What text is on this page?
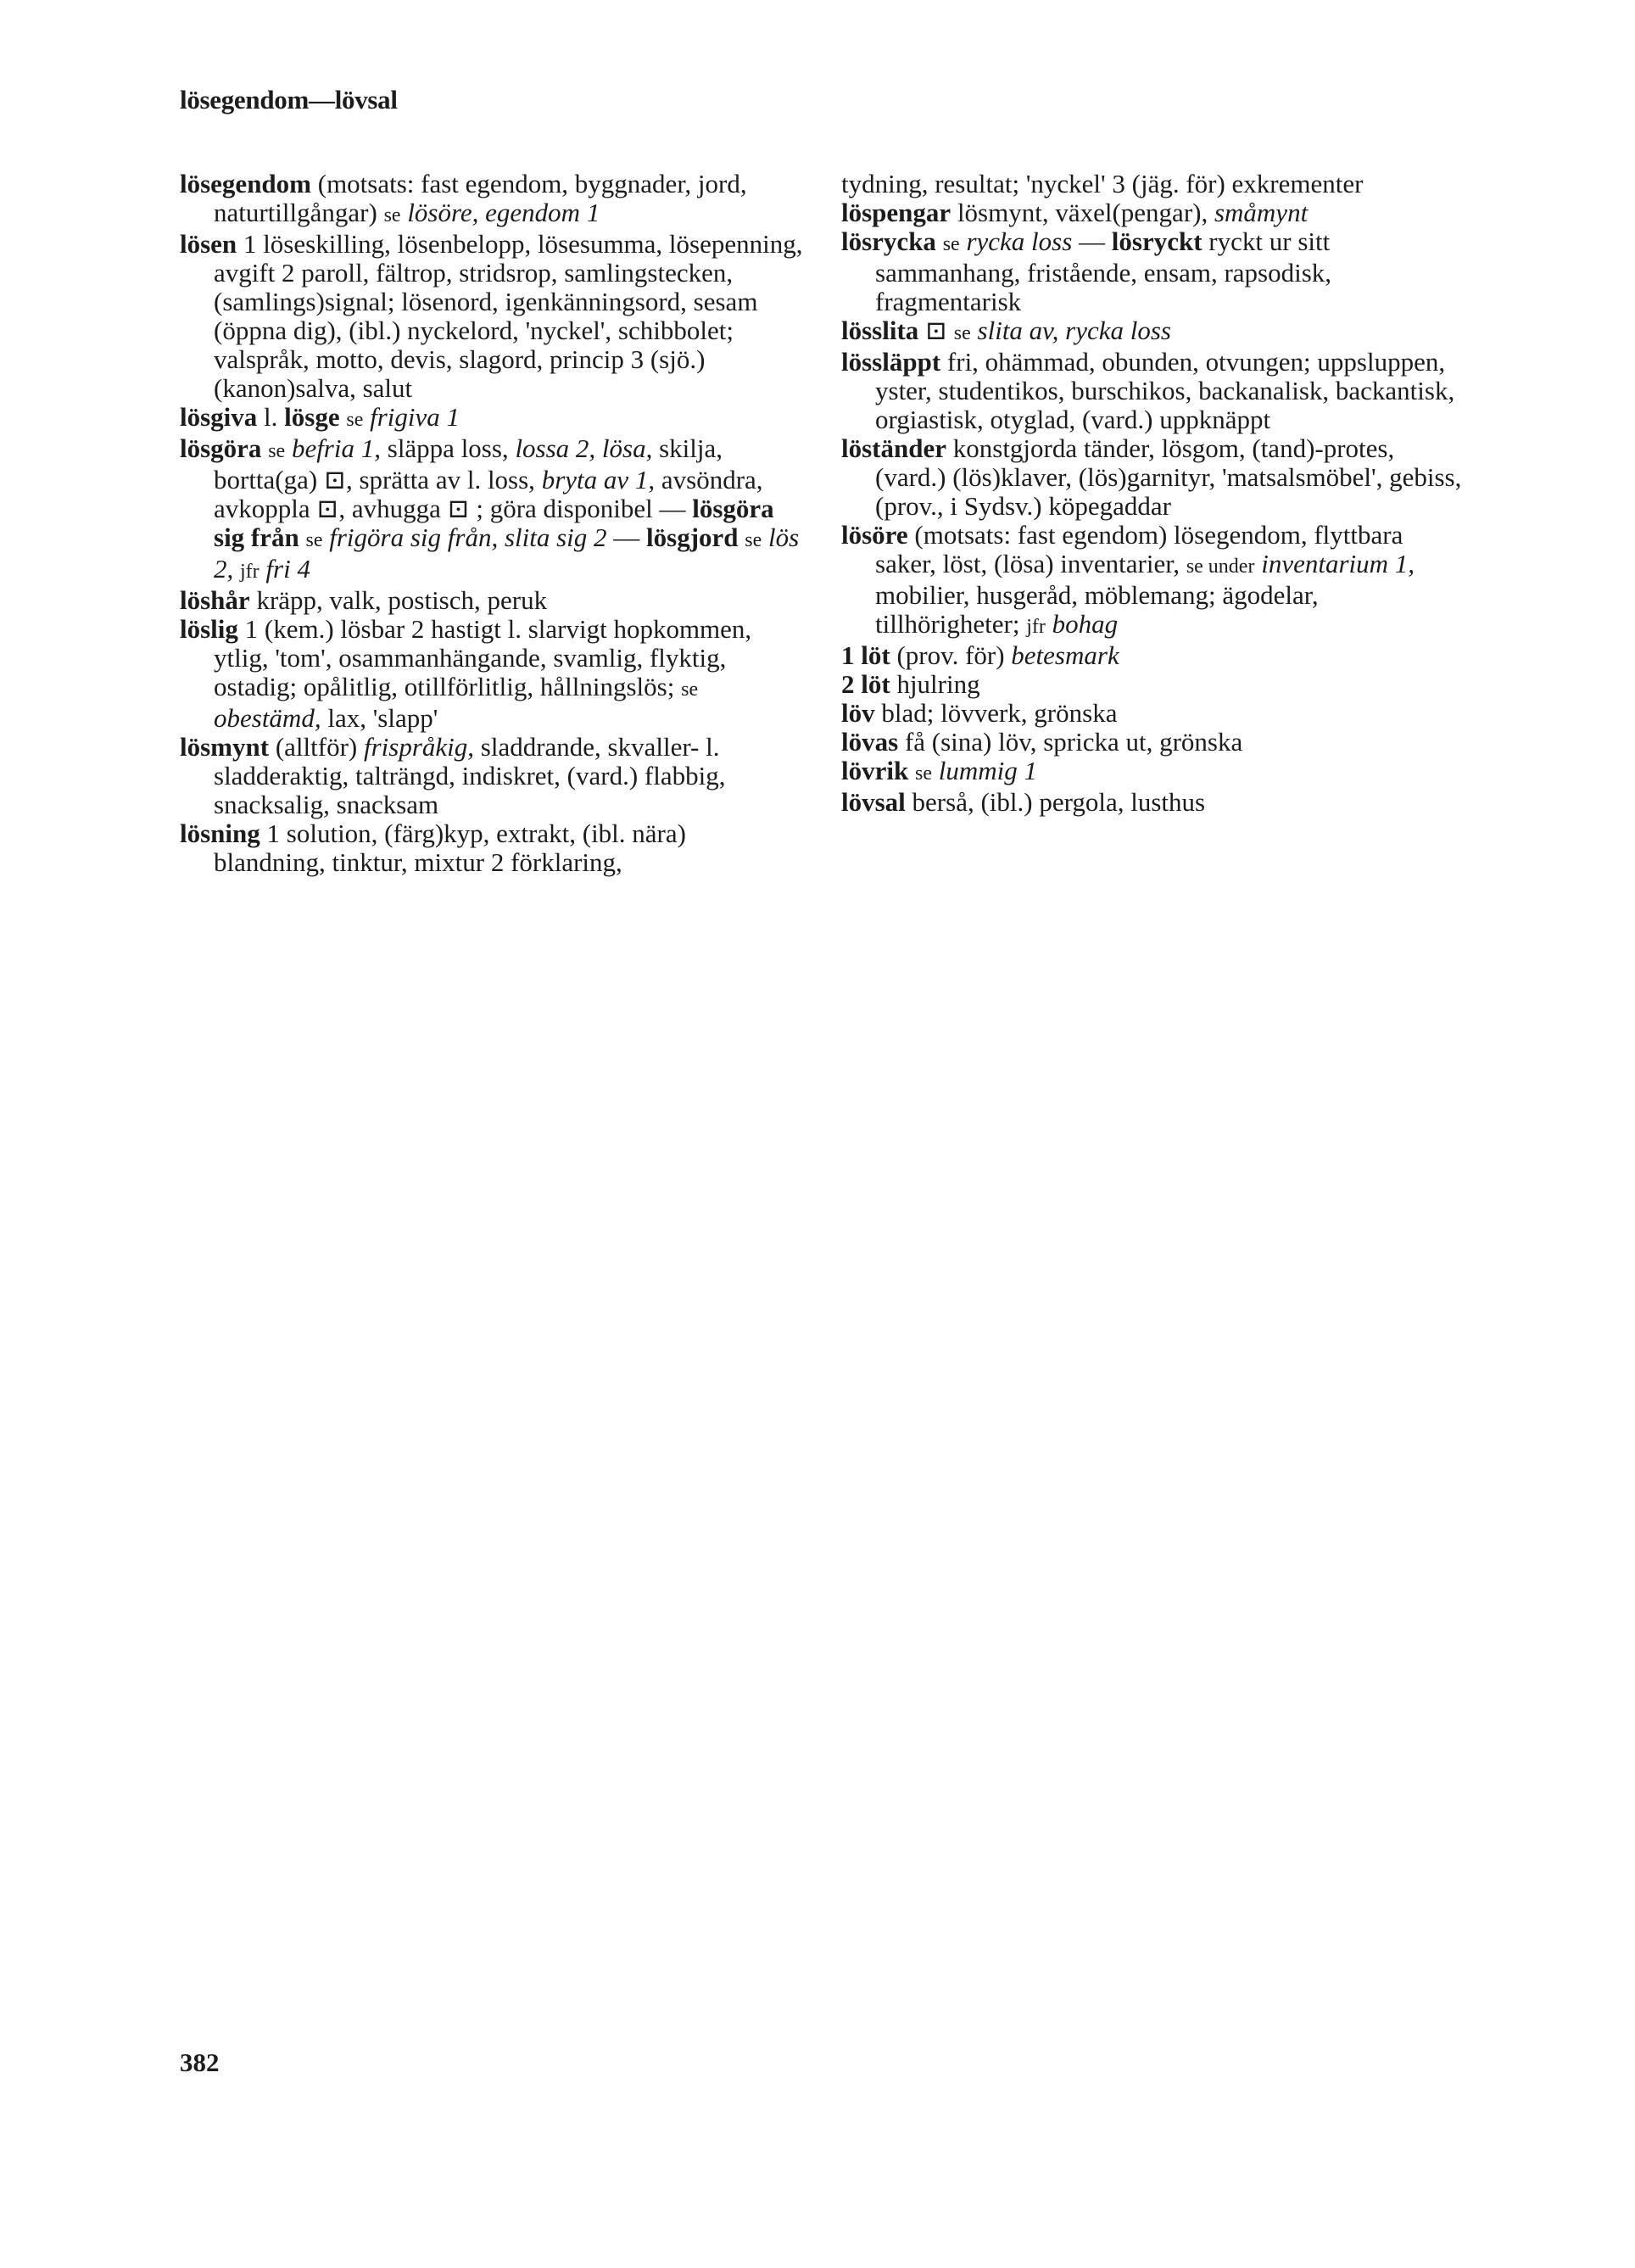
lösegendom—lövsal

lösegendom (motsats: fast egendom, byggnader, jord, naturtillgångar) se lösöre, egendom 1

lösen 1 löseskilling, lösenbelopp, lösesumma, lösepenning, avgift 2 paroll, fältrop, stridsrop, samlingstecken, (samlings)signal; lösenord, igenkänningsord, sesam (öppna dig), (ibl.) nyckelord, 'nyckel', schibbolet; valspråk, motto, devis, slagord, princip 3 (sjö.) (kanon)salva, salut

lösgiva l. lösge se frigiva 1

lösgöra se befria 1, släppa loss, lossa 2, lösa, skilja, bortta(ga) ⊡, sprätta av l. loss, bryta av 1, avsöndra, avkoppla ⊡, avhugga ⊡ ; göra disponibel — lösgöra sig från se frigöra sig från, slita sig 2 — lösgjord se lös 2, jfr fri 4

löshår kräpp, valk, postisch, peruk

löslig 1 (kem.) lösbar 2 hastigt l. slarvigt hopkommen, ytlig, 'tom', osammanhängande, svamlig, flyktig, ostadig; opålitlig, otillförlitlig, hållningslös; se obestämd, lax, 'slapp'

lösmynt (alltför) frispråkig, sladdrande, skvaller- l. sladderaktig, talträngd, indiskret, (vard.) flabbig, snacksalig, snacksam

lösning 1 solution, (färg)kyp, extrakt, (ibl. nära) blandning, tinktur, mixtur 2 förklaring,

tydning, resultat; 'nyckel' 3 (jäg. för) exkrementer

löspengar lösmynt, växel(pengar), småmynt

lösrycka se rycka loss — lösryckt ryckt ur sitt sammanhang, fristående, ensam, rapsodisk, fragmentarisk

lösslita ⊡ se slita av, rycka loss

lössläppt fri, ohämmad, obunden, otvungen; uppsluppen, yster, studentikos, burschikos, backanalisk, backantisk, orgiastisk, otyglad, (vard.) uppknäppt

löständer konstgjorda tänder, lösgom, (tand)-protes, (vard.) (lös)klaver, (lös)garnityr, 'matsalsmöbel', gebiss, (prov., i Sydsv.) köpegaddar

lösöre (motsats: fast egendom) lösegendom, flyttbara saker, löst, (lösa) inventarier, se under inventarium 1, mobilier, husgeråd, möblemang; ägodelar, tillhörigheter; jfr bohag

1 löt (prov. för) betesmark

2 löt hjulring

löv blad; lövverk, grönska

lövas få (sina) löv, spricka ut, grönska

lövrik se lummig 1

lövsal berså, (ibl.) pergola, lusthus

382
